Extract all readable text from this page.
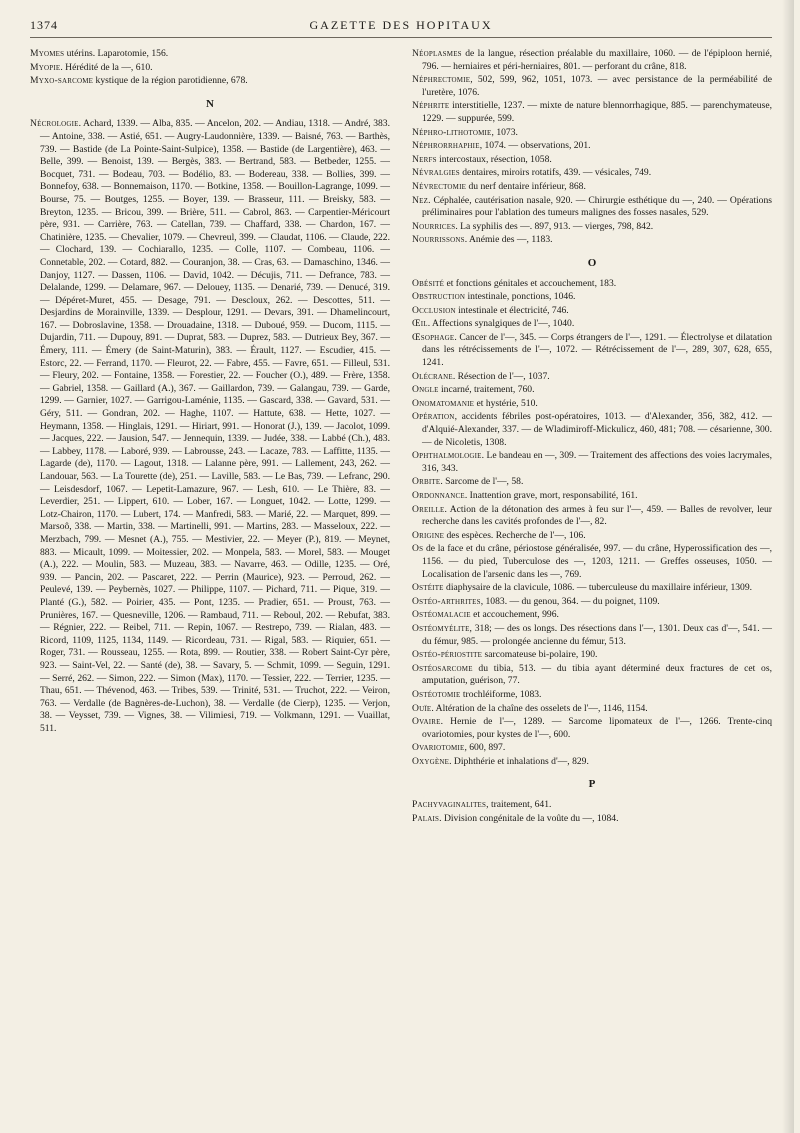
1374	GAZETTE DES HOPITAUX

Myomes utérins. Laparotomie, 156.

Myopie. Hérédité de la —, 610.

Myxo-sarcome kystique de la région parotidienne, 678.

N

Nécrologie. Achard, 1339. — Alba, 835. — Ancelon, 202. — Andiau, 1318. — André, 383. — Antoine, 338. — Astié, 651. — Augry-Laudonnière, 1339. — Baisné, 763. — Barthès, 739. — Bastide (de La Pointe-Saint-Sulpice), 1358. — Bastide (de Largentière), 463. — Belle, 399. — Benoist, 139. — Bergès, 383. — Bertrand, 583. — Betbeder, 1255. — Bocquet, 731. — Bodeau, 703. — Bodélio, 83. — Bodereau, 338. — Bollies, 399. — Bonnefoy, 638. — Bonnemaison, 1170. — Botkine, 1358. — Bouillon-Lagrange, 1099. — Bourse, 75. — Boutges, 1255. — Boyer, 139. — Brasseur, 111. — Breisky, 583. — Breyton, 1235. — Bricou, 399. — Brière, 511. — Cabrol, 863. — Carpentier-Méricourt père, 931. — Carrière, 763. — Catellan, 739. — Chaffard, 338. — Chardon, 167. — Chatinière, 1235. — Chevalier, 1079. — Chevreul, 399. — Claudat, 1106. — Claude, 222. — Clochard, 139. — Cochiarallo, 1235. — Colle, 1107. — Combeau, 1106. — Connetable, 202. — Cotard, 882. — Couranjon, 38. — Cras, 63. — Damaschino, 1346. — Danjoy, 1127. — Dassen, 1106. — David, 1042. — Décujis, 711. — Defrance, 783. — Delalande, 1299. — Delamare, 967. — Delouey, 1135. — Denarié, 739. — Denucé, 319. — Dépéret-Muret, 455. — Desage, 791. — Descloux, 262. — Descottes, 511. — Desjardins de Morainville, 1339. — Desplour, 1291. — Devars, 391. — Dhamelincourt, 167. — Dobroslavine, 1358. — Drouadaine, 1318. — Duboué, 959. — Ducom, 1115. — Dujardin, 711. — Dupouy, 891. — Duprat, 583. — Duprez, 583. — Dutrieux Bey, 367. — Émery, 111. — Émery (de Saint-Maturin), 383. — Érault, 1127. — Escudier, 415. — Estorc, 22. — Ferrand, 1170. — Fleurot, 22. — Fabre, 455. — Favre, 651. — Filleul, 531. — Fleury, 202. — Fontaine, 1358. — Forestier, 22. — Foucher (O.), 489. — Frère, 1358. — Gabriel, 1358. — Gaillard (A.), 367. — Gaillardon, 739. — Galangau, 739. — Garde, 1299. — Garnier, 1027. — Garrigou-Laménie, 1135. — Gascard, 338. — Gavard, 531. — Géry, 511. — Gondran, 202. — Haghe, 1107. — Hattute, 638. — Hette, 1027. — Heymann, 1358. — Hinglais, 1291. — Hiriart, 991. — Honorat (J.), 139. — Jacolot, 1099. — Jacques, 222. — Jausion, 547. — Jennequin, 1339. — Judée, 338. — Labbé (Ch.), 483. — Labbey, 1178. — Laboré, 939. — Labrousse, 243. — Lacaze, 783. — Laffitte, 1135. — Lagarde (de), 1170. — Lagout, 1318. — Lalanne père, 991. — Lallement, 243, 262. — Landouar, 563. — La Tourette (de), 251. — Laville, 583. — Le Bas, 739. — Lefranc, 290. — Leisdesdorf, 1067. — Lepetit-Lamazure, 967. — Lesh, 610. — Le Thière, 83. — Leverdier, 251. — Lippert, 610. — Lober, 167. — Longuet, 1042. — Lotte, 1299. — Lotz-Chairon, 1170. — Lubert, 174. — Manfredi, 583. — Marié, 22. — Marquet, 899. — Marsoô, 338. — Martin, 338. — Martinelli, 991. — Martins, 283. — Masseloux, 222. — Merzbach, 799. — Mesnet (A.), 755. — Mestivier, 22. — Meyer (P.), 819. — Meynet, 883. — Micault, 1099. — Moitessier, 202. — Monpela, 583. — Morel, 583. — Mouget (A.), 222. — Moulin, 583. — Muzeau, 383. — Navarre, 463. — Odille, 1235. — Oré, 939. — Pancin, 202. — Pascaret, 222. — Perrin (Maurice), 923. — Perroud, 262. — Peulevé, 139. — Peybernès, 1027. — Philippe, 1107. — Pichard, 711. — Pique, 319. — Planté (G.), 582. — Poirier, 435. — Pont, 1235. — Pradier, 651. — Proust, 763. — Prunières, 167. — Quesneville, 1206. — Rambaud, 711. — Reboul, 202. — Rebufat, 383. — Régnier, 222. — Reibel, 711. — Repin, 1067. — Restrepo, 739. — Rialan, 483. — Ricord, 1109, 1125, 1134, 1149. — Ricordeau, 731. — Rigal, 583. — Riquier, 651. — Roger, 731. — Rousseau, 1255. — Rota, 899. — Routier, 338. — Robert Saint-Cyr père, 923. — Saint-Vel, 22. — Santé (de), 38. — Savary, 5. — Schmit, 1099. — Seguin, 1291. — Serré, 262. — Simon, 222. — Simon (Max), 1170. — Tessier, 222. — Terrier, 1235. — Thau, 651. — Thévenod, 463. — Tribes, 539. — Trinité, 531. — Truchot, 222. — Veiron, 763. — Verdalle (de Bagnères-de-Luchon), 38. — Verdalle (de Cierp), 1235. — Verjon, 38. — Veysset, 739. — Vignes, 38. — Vilimiesi, 719. — Volkmann, 1291. — Vuaillat, 511.

Néoplasmes de la langue, résection préalable du maxillaire, 1060. — de l'épiploon hernié, 796. — herniaires et péri-herniaires, 801. — perforant du crâne, 818.

Néphrectomie, 502, 599, 962, 1051, 1073. — avec persistance de la perméabilité de l'uretère, 1076.

Néphrite interstitielle, 1237. — mixte de nature blennorrhagique, 885. — parenchymateuse, 1229. — suppurée, 599.

Néphro-lithotomie, 1073.

Néphrorrhaphie, 1074. — observations, 201.

Nerfs intercostaux, résection, 1058.

Névralgies dentaires, miroirs rotatifs, 439. — vésicales, 749.

Névrectomie du nerf dentaire inférieur, 868.

Nez. Céphalée, cautérisation nasale, 920. — Chirurgie esthétique du —, 240. — Opérations préliminaires pour l'ablation des tumeurs malignes des fosses nasales, 529.

Nourrices. La syphilis des —. 897, 913. — vierges, 798, 842.

Nourrissons. Anémie des —, 1183.

O

Obésité et fonctions génitales et accouchement, 183.

Obstruction intestinale, ponctions, 1046.

Occlusion intestinale et électricité, 746.

Œil. Affections synalgiques de l'—, 1040.

Œsophage. Cancer de l'—, 345. — Corps étrangers de l'—, 1291. — Électrolyse et dilatation dans les rétrécissements de l'—, 1072. — Rétrécissement de l'—, 289, 307, 628, 655, 1241.

Olécrane. Résection de l'—, 1037.

Ongle incarné, traitement, 760.

Onomatomanie et hystérie, 510.

Opération, accidents fébriles post-opératoires, 1013. — d'Alexander, 356, 382, 412. — d'Alquié-Alexander, 337. — de Wladimiroff-Mickulicz, 460, 481; 708. — césarienne, 300. — de Nicoletis, 1308.

Ophthalmologie. Le bandeau en —, 309. — Traitement des affections des voies lacrymales, 316, 343.

Orbite. Sarcome de l'—, 58.

Ordonnance. Inattention grave, mort, responsabilité, 161.

Oreille. Action de la détonation des armes à feu sur l'—, 459. — Balles de revolver, leur recherche dans les cavités profondes de l'—, 82.

Origine des espèces. Recherche de l'—, 106.

Os de la face et du crâne, périostose généralisée, 997. — du crâne, Hyperossification des —, 1156. — du pied, Tuberculose des —, 1203, 1211. — Greffes osseuses, 1050. — Localisation de l'arsenic dans les —, 769.

Ostéite diaphysaire de la clavicule, 1086. — tuberculeuse du maxillaire inférieur, 1309.

Ostéo-arthrites, 1083. — du genou, 364. — du poignet, 1109.

Ostéomalacie et accouchement, 996.

Ostéomyélite, 318; — des os longs. Des résections dans l'—, 1301. Deux cas d'—, 541. — du fémur, 985. — prolongée ancienne du fémur, 513.

Ostéo-périostite sarcomateuse bi-polaire, 190.

Ostéosarcome du tibia, 513. — du tibia ayant déterminé deux fractures de cet os, amputation, guérison, 77.

Ostéotomie trochléiforme, 1083.

Ouïe. Altération de la chaîne des osselets de l'—, 1146, 1154.

Ovaire. Hernie de l'—, 1289. — Sarcome lipomateux de l'—, 1266. Trente-cinq ovariotomies, pour kystes de l'—, 600.

Ovariotomie, 600, 897.

Oxygène. Diphthérie et inhalations d'—, 829.

P

Pachyvaginalites, traitement, 641.

Palais. Division congénitale de la voûte du —, 1084.
